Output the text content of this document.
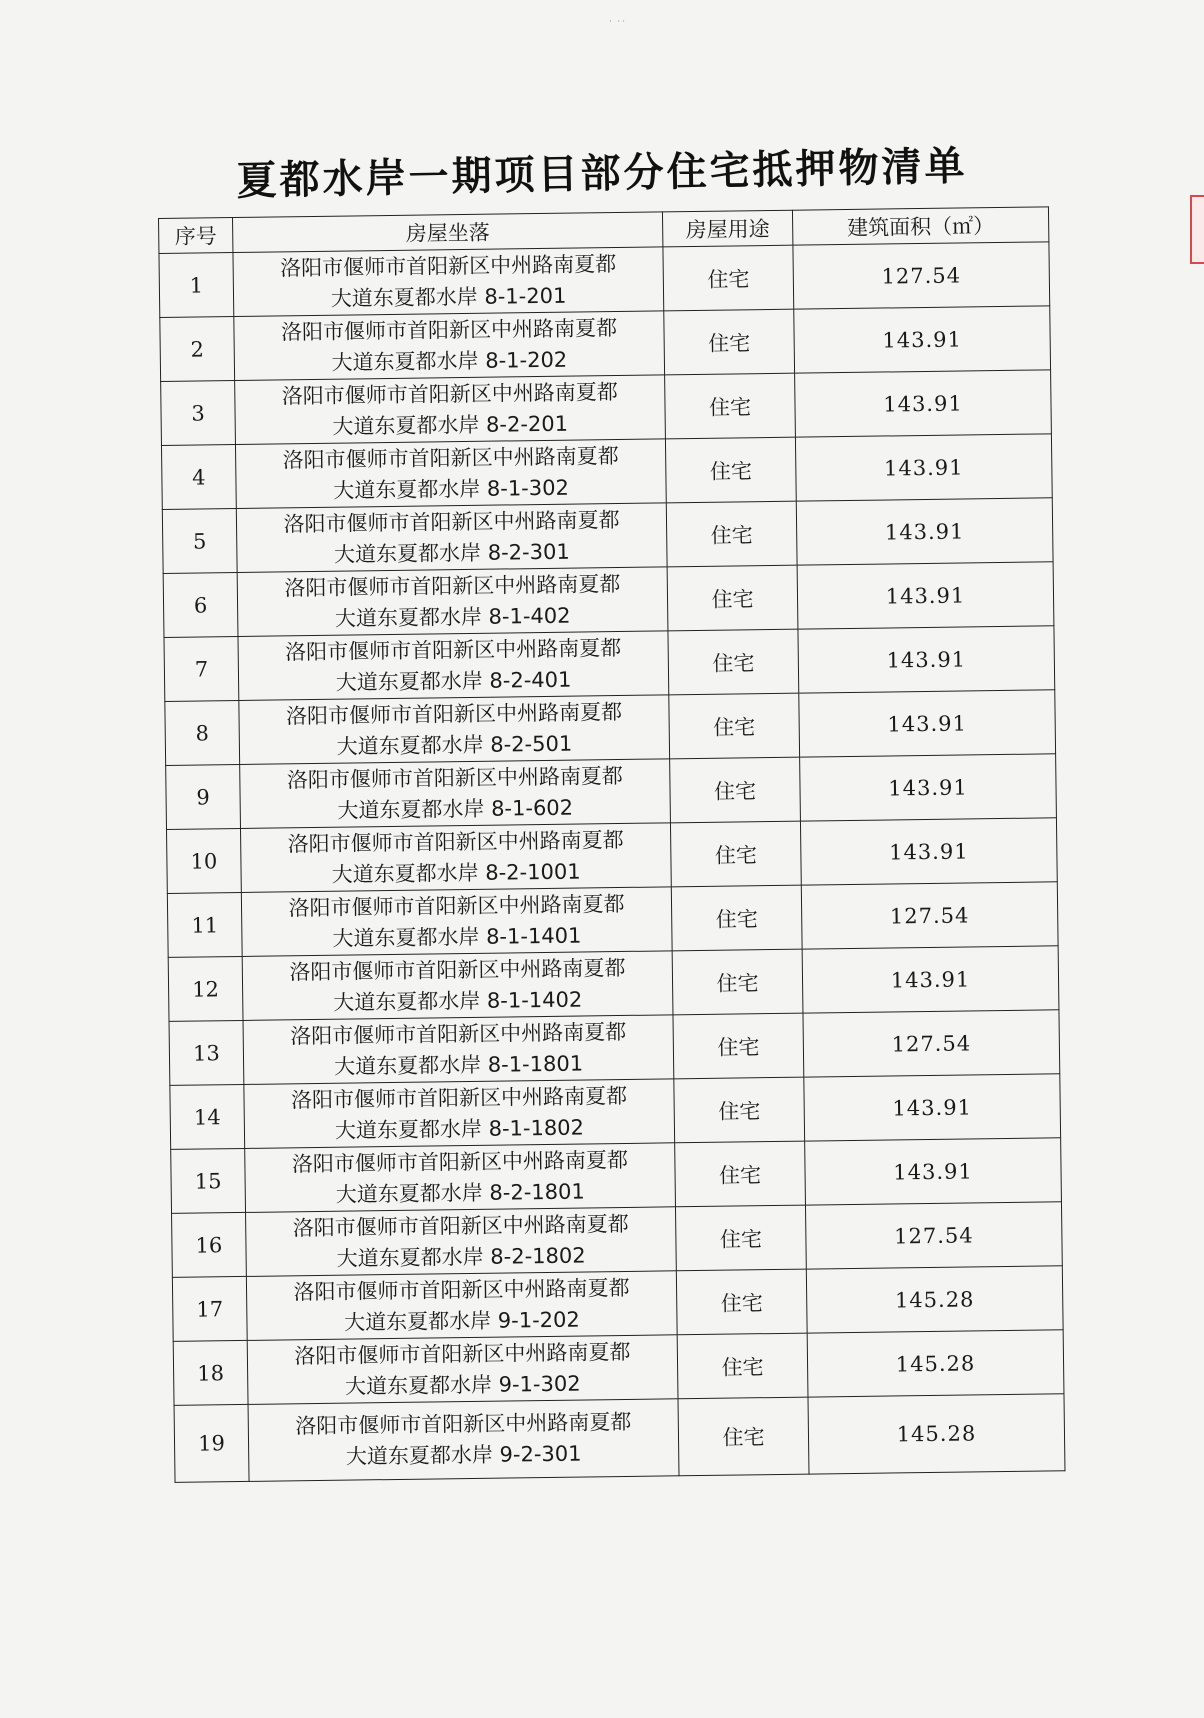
˙ ˙˙
夏都水岸一期项目部分住宅抵押物清单
序号	房屋坐落	房屋用途	建筑面积（㎡）
1	洛阳市偃师市首阳新区中州路南夏都
大道东夏都水岸 8-1-201	住宅	127.54
2	洛阳市偃师市首阳新区中州路南夏都
大道东夏都水岸 8-1-202	住宅	143.91
3	洛阳市偃师市首阳新区中州路南夏都
大道东夏都水岸 8-2-201	住宅	143.91
4	洛阳市偃师市首阳新区中州路南夏都
大道东夏都水岸 8-1-302	住宅	143.91
5	洛阳市偃师市首阳新区中州路南夏都
大道东夏都水岸 8-2-301	住宅	143.91
6	洛阳市偃师市首阳新区中州路南夏都
大道东夏都水岸 8-1-402	住宅	143.91
7	洛阳市偃师市首阳新区中州路南夏都
大道东夏都水岸 8-2-401	住宅	143.91
8	洛阳市偃师市首阳新区中州路南夏都
大道东夏都水岸 8-2-501	住宅	143.91
9	洛阳市偃师市首阳新区中州路南夏都
大道东夏都水岸 8-1-602	住宅	143.91
10	洛阳市偃师市首阳新区中州路南夏都
大道东夏都水岸 8-2-1001	住宅	143.91
11	洛阳市偃师市首阳新区中州路南夏都
大道东夏都水岸 8-1-1401	住宅	127.54
12	洛阳市偃师市首阳新区中州路南夏都
大道东夏都水岸 8-1-1402	住宅	143.91
13	洛阳市偃师市首阳新区中州路南夏都
大道东夏都水岸 8-1-1801	住宅	127.54
14	洛阳市偃师市首阳新区中州路南夏都
大道东夏都水岸 8-1-1802	住宅	143.91
15	洛阳市偃师市首阳新区中州路南夏都
大道东夏都水岸 8-2-1801	住宅	143.91
16	洛阳市偃师市首阳新区中州路南夏都
大道东夏都水岸 8-2-1802	住宅	127.54
17	洛阳市偃师市首阳新区中州路南夏都
大道东夏都水岸 9-1-202	住宅	145.28
18	洛阳市偃师市首阳新区中州路南夏都
大道东夏都水岸 9-1-302	住宅	145.28
19	洛阳市偃师市首阳新区中州路南夏都
大道东夏都水岸 9-2-301	住宅	145.28
